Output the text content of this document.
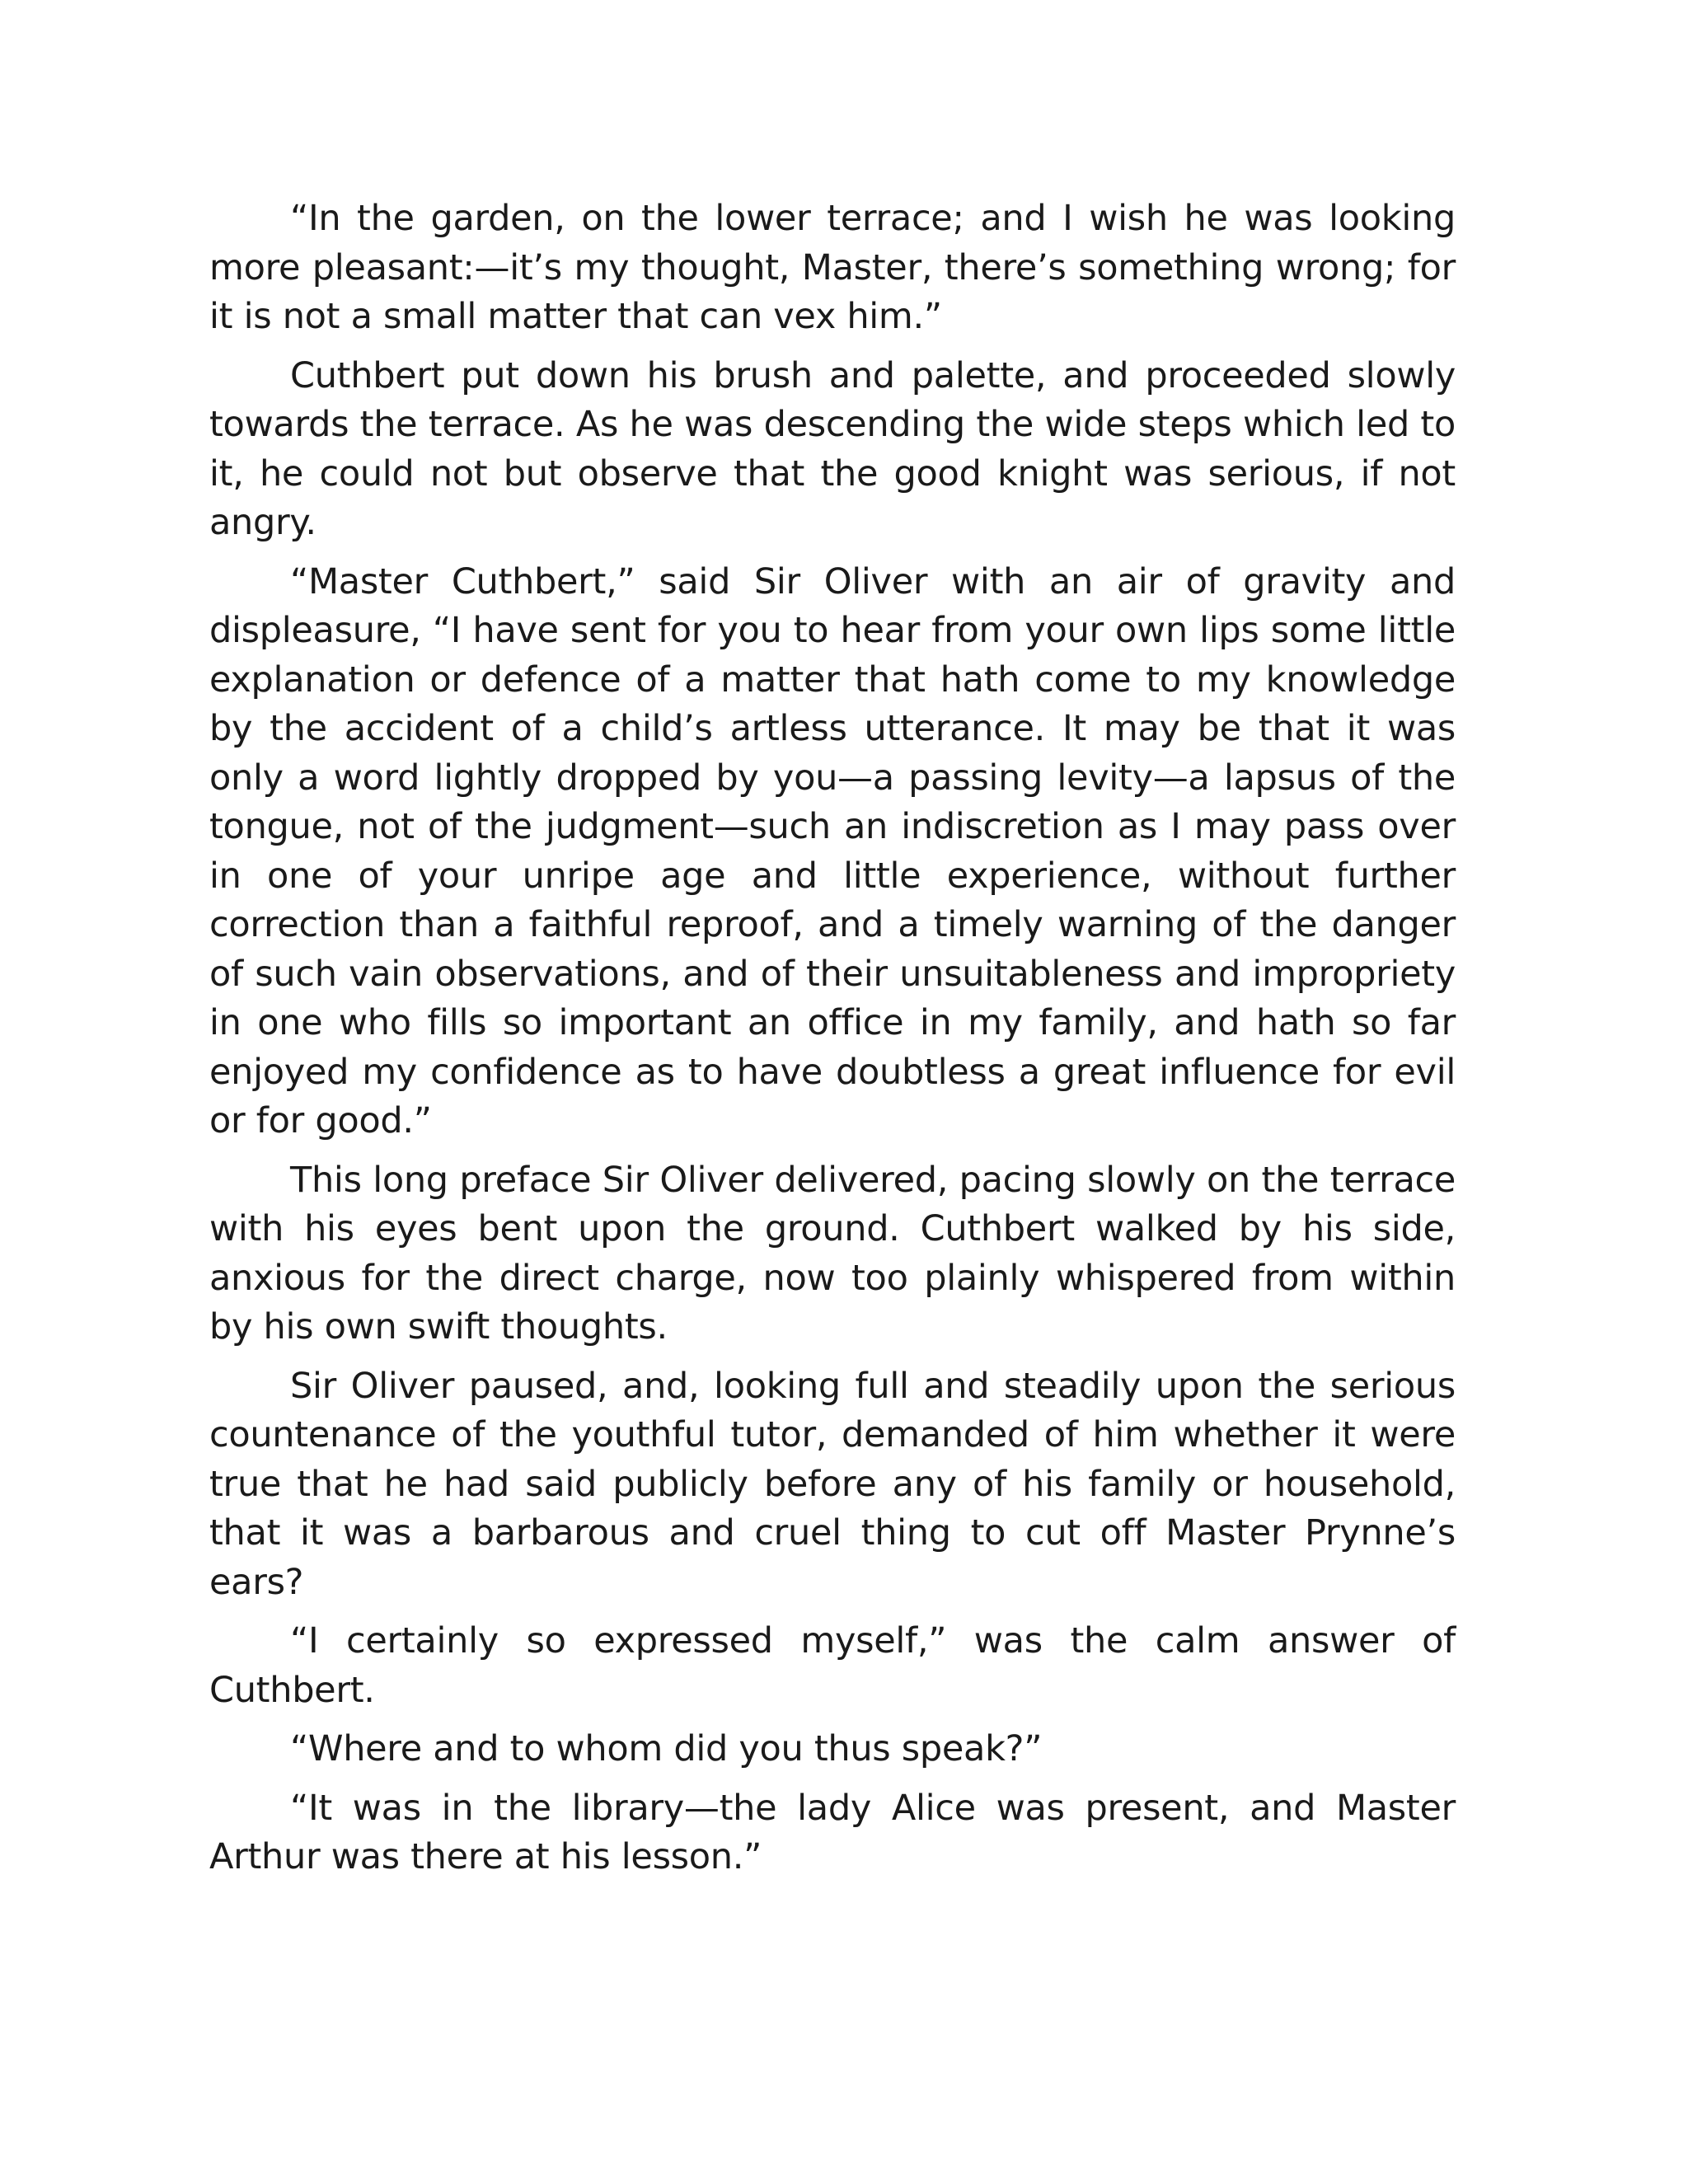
“In the garden, on the lower terrace; and I wish he was looking more pleasant:—it’s my thought, Master, there’s something wrong; for it is not a small matter that can vex him.”

Cuthbert put down his brush and palette, and proceeded slowly towards the terrace. As he was descending the wide steps which led to it, he could not but observe that the good knight was serious, if not angry.

“Master Cuthbert,” said Sir Oliver with an air of gravity and displeasure, “I have sent for you to hear from your own lips some little explanation or defence of a matter that hath come to my knowledge by the accident of a child’s artless utterance. It may be that it was only a word lightly dropped by you—a passing levity—a lapsus of the tongue, not of the judgment—such an indiscretion as I may pass over in one of your unripe age and little experience, without further correction than a faithful reproof, and a timely warning of the danger of such vain observations, and of their unsuitableness and impropriety in one who fills so important an office in my family, and hath so far enjoyed my confidence as to have doubtless a great influence for evil or for good.”

This long preface Sir Oliver delivered, pacing slowly on the terrace with his eyes bent upon the ground. Cuthbert walked by his side, anxious for the direct charge, now too plainly whispered from within by his own swift thoughts.

Sir Oliver paused, and, looking full and steadily upon the serious countenance of the youthful tutor, demanded of him whether it were true that he had said publicly before any of his family or household, that it was a barbarous and cruel thing to cut off Master Prynne’s ears?

“I certainly so expressed myself,” was the calm answer of Cuthbert.

“Where and to whom did you thus speak?”

“It was in the library—the lady Alice was present, and Master Arthur was there at his lesson.”
